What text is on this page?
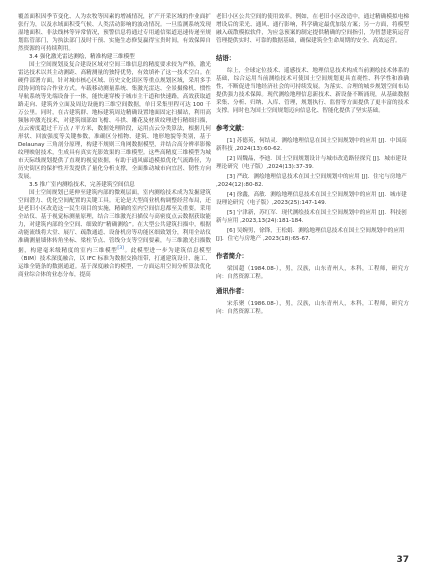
覆盖面积因季节变化、人为农牧等因素的增减情况，扩产开采区域的作业面扩张行为，以及水域面积受气候、人类活动影响的波动情况。一旦监测系统发现湿地面积、非法线林等异常情况，预警信息将通过专用通信渠道迅速传递至规划监管部门，为执法部门及时干预、实施生态修复赢得宝贵时间，有效保障自然资源的可持续利用。

3.4 强化激光雷达测绘，精准构建三维模型

国土空间规划及复合建设区域对空间三维信息的精度要求较为严格，激光雷达技术以其主动测距、高精测量的独特优势，有效填补了这一技术空白。在硬件部署方面，针对城市核心区域、历史文化街区等重点规划区域，采用多手段协同的综合作业方式。车载移动测量系统、集激光雷达、全景摄像机、惯性导航系统等先端设备于一体，能快速穿梭于城市主干道和快速路，高效获取道路走向、建筑外立面及周边设施的三维空间数据，单日采集里程可达 100 千万公里。同时，在古建筑群、地标建筑周边精确设置地面固定扫描站，利用高频脉冲激光技术，对建筑细部如飞檐、斗拱、雕花及材质纹理进行精细扫描，点云密度超过千万点 / 平方米，数据处理阶段，运用点云分类算法，根据几何形状、回波强度等关键参数，准确区分植物、建筑、地形地貌等类别，基于 Delaunay 三角剖分原理，构建不规则三角网数据模型，并结合高分辨率影像纹理映射技术，生成具有真实光影效果的三维模型。这些高精度三维模型为城市天际线规划提供了直观的视觉依据，有助于通风廊道模拟优化气流路径，为历史街区的保护性开发提供了量化分析支撑，全面推动城市向宜居、韧性方向发展。

3.5 推广室内测绘技术，完善建筑空间信息

国土空间规划已延伸至建筑内部的微观层面，室内测绘技术成为发掘建筑空间潜力、优化空间配置的关键工具。无论是大型商业机构调整经营布局，还是老旧小区改造这一民生项目的实施，精确的室内空间信息都至关重要。采用全站仪、基于视觉标测量原理，结合三维激光扫描仪与高密度点云数据获取能力，对建筑内部的全空间、细致的“精确测绘”。在大型公共建筑扫描中，根据动能流线将大堂、展厅、疏散通道、设备机房等功能区细致划分，利用全站仪准确测量墙体转角坐标、梁柱节点、管线分支等空间要素，与三维激光扫描数据，构建毫米级精度的室内三维模型[3]。此模型进一步为建筑信息模型（BIM）技术深度融合，以 IFC 标准为数据交换纽带，打通建筑设计、施工、运维全链条的数据通道。基于深度融合的模型，一方面运用空间分析算法优化商业综合体的业态分布，提高

老旧小区公共空间的使用效率。例如，在老旧小区改造中，通过精确模拟电梯增设后的采光、通风、通行影响，科学确定最优加装方案；另一方面，将模型融入疏散模拟软件，为应急预案的制定提供精确的空间指引，为智慧建筑运营管理提供实时、可靠的数据基础，确保建筑全生命周期的安全、高效运营。

结语：

综上，全球定位技术、遥感技术、地理信息技术构成当前测绘技术体系的基础，综合运用当前测绘技术可使国土空间规划更具直观性、科学性和准确性，不断促进当地经济社会的可持续发展。为落实、合理的城乡规划空间布局提供强力技术保障。现代测绘地理信息新技术、新设备不断涌现，从基础数据采集、分析、归纳、入库、管理，规划执行、监督等方面提供了更丰富的技术支撑。同时也为国土空间规划迈向信息化、智能化提供了坚实基础。

参考文献：

[1] 苏德英，何结灵．测绘地理信息在国土空间规划中的应用 [J]．中国高新科技 ,2024(13):60-62.

[2] 周魏晶，李迪．国土空间规划设计与城市改造路径探究 [J]．城市建设理论研究（电子版）,2024(13):37-39.

[3] 严政．测绘地理信息技术在国土空间规划中的应用 [J]．住宅与房地产 ,2024(12):80-82.

[4] 徐鑫，高敏．测绘地理信息技术在国土空间规划中的应用 [J]．城市建设理论研究（电子版）,2023(25):147-149.

[5] 宁津新，苏红军．现代测绘技术在国土空间规划中的应用 [J]．科技创新与应用 ,2023,13(24):181-184.

[6] 吴婉男，徐锋，王松娟．测绘地理信息技术在国土空间规划中的应用 [J]．住宅与房地产 ,2023(18):65-67.

作者简介：

梁国超（1984.08-），男，汉族，山东青州人，本科，工程师，研究方向：自然资源工程。

通讯作者：

宋乐聚（1986.08-），男，汉族，山东青州人，本科，工程师，研究方向：自然资源工程。

37
